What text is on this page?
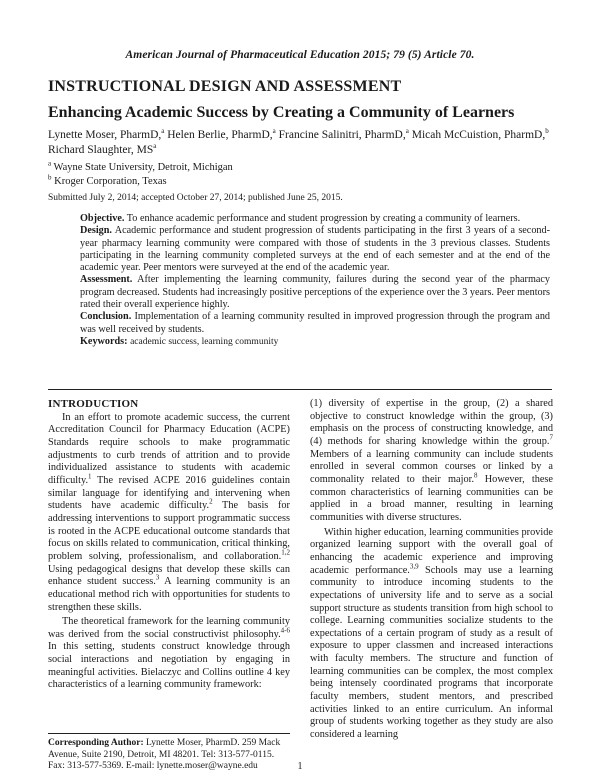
American Journal of Pharmaceutical Education 2015; 79 (5) Article 70.
INSTRUCTIONAL DESIGN AND ASSESSMENT
Enhancing Academic Success by Creating a Community of Learners
Lynette Moser, PharmD,$^a$ Helen Berlie, PharmD,$^a$ Francine Salinitri, PharmD,$^a$ Micah McCuistion, PharmD,$^b$ Richard Slaughter, $MS^a$
$^a$ Wayne State University, Detroit, Michigan
$^b$ Kroger Corporation, Texas
Submitted July 2, 2014; accepted October 27, 2014; published June 25, 2015.

Objective. To enhance academic performance and student progression by creating a community of learners.

Design. Academic performance and student progression of students participating in the first 3 years of a second-year pharmacy learning community were compared with those of students in the 3 previous classes. Students participating in the learning community completed surveys at the end of each semester and at the end of the academic year. Peer mentors were surveyed at the end of the academic year.

Assessment. After implementing the learning community, failures during the second year of the pharmacy program decreased. Students had increasingly positive perceptions of the experience over the 3 years. Peer mentors rated their overall experience highly.

Conclusion. Implementation of a learning community resulted in improved progression through the program and was well received by students.

Keywords: academic success, learning community

INTRODUCTION

In an effort to promote academic success, the current Accreditation Council for Pharmacy Education (ACPE) Standards require schools to make programmatic adjustments to curb trends of attrition and to provide individualized assistance to students with academic difficulty.$^1$ The revised ACPE 2016 guidelines contain similar language for identifying and intervening when students have academic difficulty.$^2$ The basis for addressing interventions to support programmatic success is rooted in the ACPE educational outcome standards that focus on skills related to communication, critical thinking, problem solving, professionalism, and collaboration.$^{1,2}$ Using pedagogical designs that develop these skills can enhance student success.$^3$ A learning community is an educational method rich with opportunities for students to strengthen these skills.

The theoretical framework for the learning community was derived from the social constructivist philosophy.$^{4-6}$ In this setting, students construct knowledge through social interactions and negotiation by engaging in meaningful activities. Bielaczyc and Collins outline 4 key characteristics of a learning community framework:

(1) diversity of expertise in the group, (2) a shared objective to construct knowledge within the group, (3) emphasis on the process of constructing knowledge, and (4) methods for sharing knowledge within the group.$^7$ Members of a learning community can include students enrolled in several common courses or linked by a commonality related to their major.$^8$ However, these common characteristics of learning communities can be applied in a broad manner, resulting in learning communities with diverse structures.

Within higher education, learning communities provide organized learning support with the overall goal of enhancing the academic experience and improving academic performance.$^{3,9}$ Schools may use a learning community to introduce incoming students to the expectations of university life and to serve as a social support structure as students transition from high school to college. Learning communities socialize students to the expectations of a certain program of study as a result of exposure to upper classmen and increased interactions with faculty members. The structure and function of learning communities can be complex, the most complex being intensely coordinated programs that incorporate faculty members, student mentors, and prescribed activities linked to an entire curriculum. An informal group of students working together as they study are also considered a learning

Corresponding Author: Lynette Moser, PharmD. 259 Mack Avenue, Suite 2190, Detroit, MI 48201. Tel: 313-577-0115. Fax: 313-577-5369. E-mail: lynette.moser@wayne.edu	1
